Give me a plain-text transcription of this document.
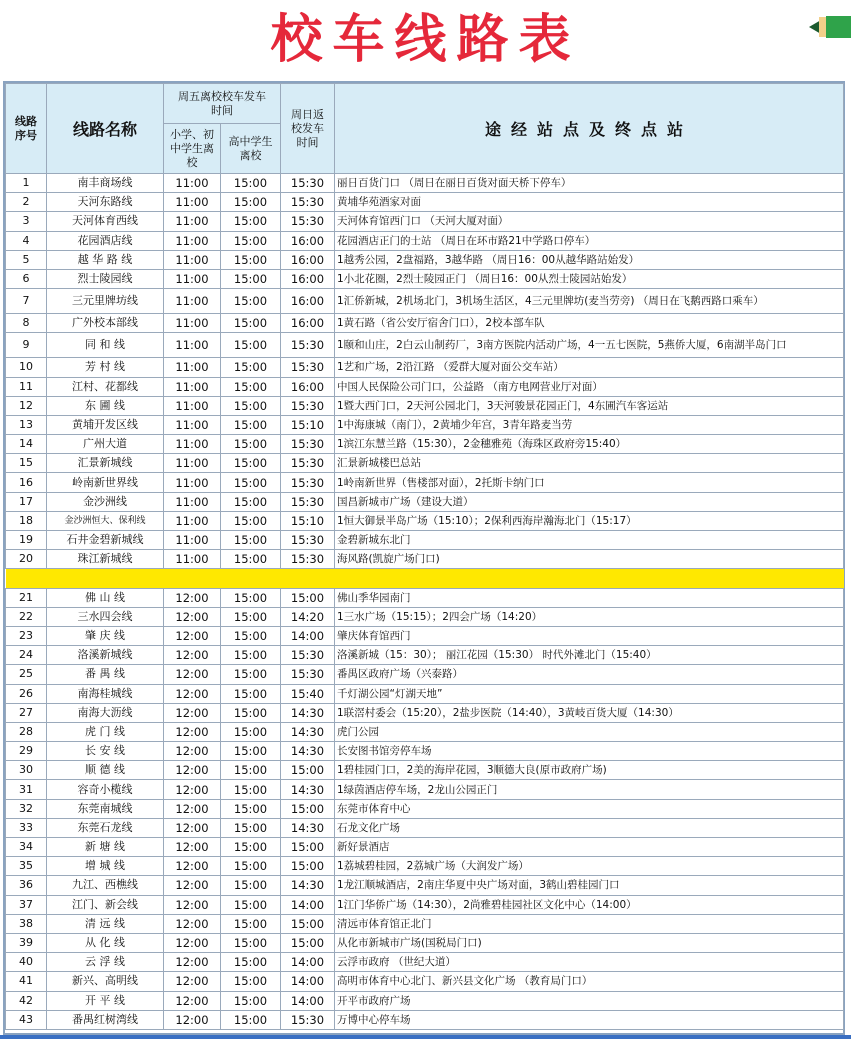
校车线路表
线路序号	线路名称	周五离校校车发车时间		周日返校发车时间	途经站点及终点站
		小学、初中学生离校	高中学生离校		
1	南丰商场线	11:00	15:00	15:30	丽日百货门口 （周日在丽日百货对面天桥下停车）
2	天河东路线	11:00	15:00	15:30	黄埔华苑酒家对面
3	天河体育西线	11:00	15:00	15:30	天河体育馆西门口 （天河大厦对面）
4	花园酒店线	11:00	15:00	16:00	花园酒店正门的士站 （周日在环市路21中学路口停车）
5	越 华 路 线	11:00	15:00	16:00	1越秀公园，2盘福路，3越华路 （周日16：00从越华路站始发）
6	烈士陵园线	11:00	15:00	16:00	1小北花圈，2烈士陵园正门 （周日16：00从烈士陵园站始发）
7	三元里牌坊线	11:00	15:00	16:00	1汇侨新城，2机场北门，3机场生活区，4三元里牌坊(麦当劳旁) （周日在飞鹅西路口乘车）
8	广外校本部线	11:00	15:00	16:00	1黄石路（省公安厅宿舍门口），2校本部车队
9	同 和 线	11:00	15:00	15:30	1颐和山庄，2白云山制药厂，3南方医院内活动广场，4一五七医院，5燕侨大厦，6南湖半岛门口
10	芳 村 线	11:00	15:00	15:30	1艺和广场，2沿江路 （爱群大厦对面公交车站）
11	江村、花都线	11:00	15:00	16:00	中国人民保险公司门口，公益路 （南方电网营业厅对面）
12	东 圃 线	11:00	15:00	15:30	1暨大西门口，2天河公园北门，3天河骏景花园正门，4东圃汽车客运站
13	黄埔开发区线	11:00	15:00	15:10	1中海康城（南门），2黄埔少年宫，3青年路麦当劳
14	广州大道	11:00	15:00	15:30	1滨江东慧兰路（15:30），2金穗雅苑（海珠区政府旁15:40）
15	汇景新城线	11:00	15:00	15:30	汇景新城楼巴总站
16	岭南新世界线	11:00	15:00	15:30	1岭南新世界（售楼部对面），2托斯卡纳门口
17	金沙洲线	11:00	15:00	15:30	国昌新城市广场（建设大道）
18	金沙洲恒大、保利线	11:00	15:00	15:10	1恒大御景半岛广场（15:10）；2保利西海岸瀚海北门（15:17）
19	石井金碧新城线	11:00	15:00	15:30	金碧新城东北门
20	珠江新城线	11:00	15:00	15:30	海风路(凯旋广场门口)

21	佛 山 线	12:00	15:00	15:00	佛山季华园南门
22	三水四会线	12:00	15:00	14:20	1三水广场（15:15）；2四会广场（14:20）
23	肇 庆 线	12:00	15:00	14:00	肇庆体育馆西门
24	洛溪新城线	12:00	15:00	15:30	洛溪新城（15：30）； 丽江花园（15:30） 时代外滩北门（15:40）
25	番 禺 线	12:00	15:00	15:30	番禺区政府广场（兴泰路）
26	南海桂城线	12:00	15:00	15:40	千灯湖公园“灯湖天地”
27	南海大沥线	12:00	15:00	14:30	1联滘村委会（15:20），2盐步医院（14:40），3黄岐百货大厦（14:30）
28	虎 门 线	12:00	15:00	14:30	虎门公园
29	长 安 线	12:00	15:00	14:30	长安图书馆旁停车场
30	顺 德 线	12:00	15:00	15:00	1碧桂园门口，2美的海岸花园，3顺德大良(原市政府广场)
31	容奇小榄线	12:00	15:00	14:30	1绿茵酒店停车场，2龙山公园正门
32	东莞南城线	12:00	15:00	15:00	东莞市体育中心
33	东莞石龙线	12:00	15:00	14:30	石龙文化广场
34	新 塘 线	12:00	15:00	15:00	新好景酒店
35	增 城 线	12:00	15:00	15:00	1荔城碧桂园，2荔城广场（大润发广场）
36	九江、西樵线	12:00	15:00	14:30	1龙江顺城酒店，2南庄华夏中央广场对面，3鹤山碧桂园门口
37	江门、新会线	12:00	15:00	14:00	1江门华侨广场（14:30），2尚雅碧桂园社区文化中心（14:00）
38	清 远 线	12:00	15:00	15:00	清远市体育馆正北门
39	从 化 线	12:00	15:00	15:00	从化市新城市广场(国税局门口)
40	云 浮 线	12:00	15:00	14:00	云浮市政府 （世纪大道）
41	新兴、高明线	12:00	15:00	14:00	高明市体育中心北门、新兴县文化广场 （教育局门口）
42	开 平 线	12:00	15:00	14:00	开平市政府广场
43	番禺红树湾线	12:00	15:00	15:30	万博中心停车场
